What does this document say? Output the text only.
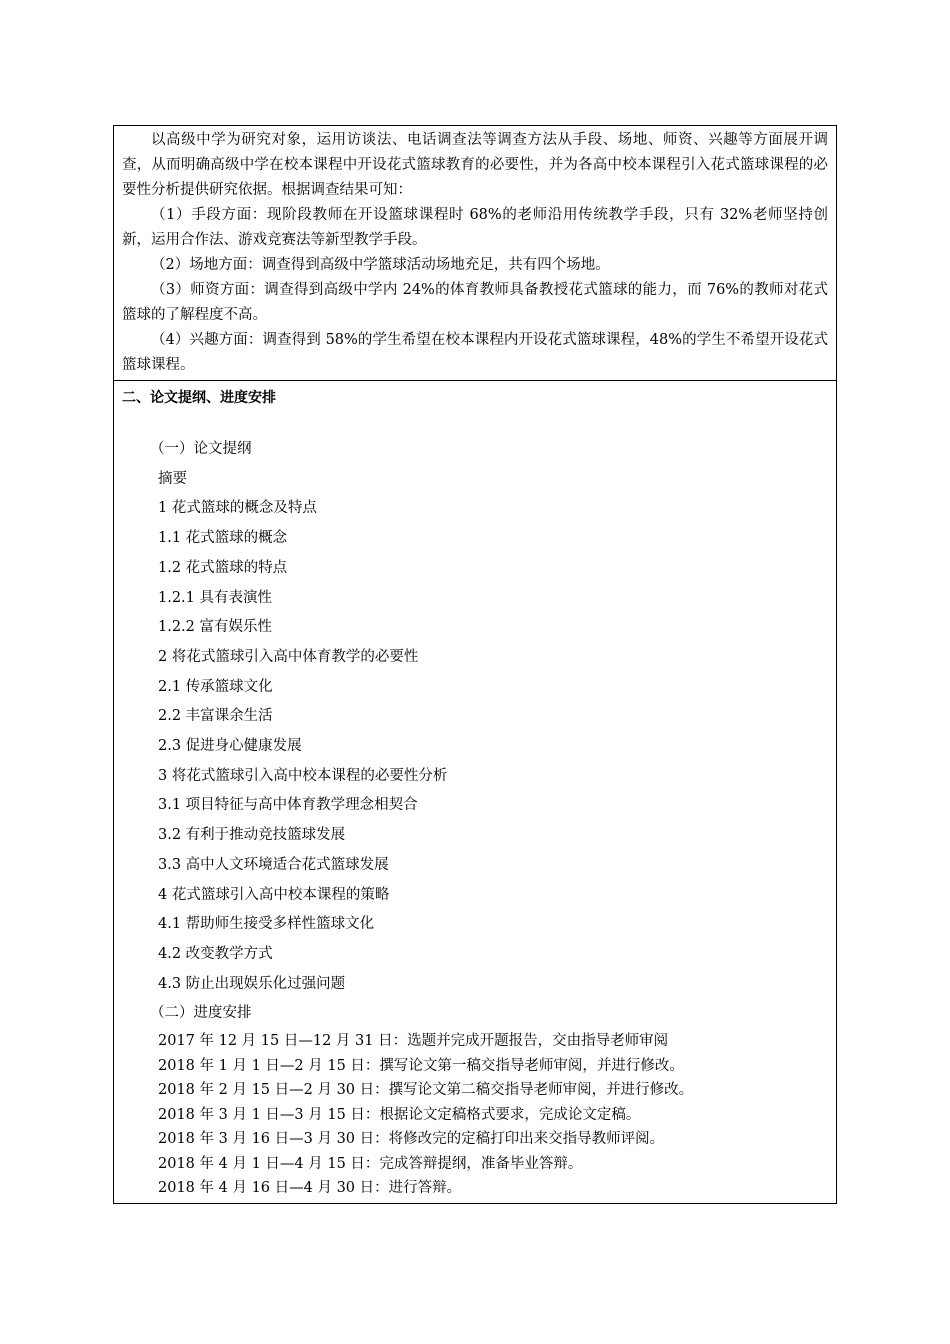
以高级中学为研究对象，运用访谈法、电话调查法等调查方法从手段、场地、师资、兴趣等方面展开调查，从而明确高级中学在校本课程中开设花式篮球教育的必要性，并为各高中校本课程引入花式篮球课程的必要性分析提供研究依据。根据调查结果可知：

（1）手段方面：现阶段教师在开设篮球课程时 68%的老师沿用传统教学手段，只有 32%老师坚持创新，运用合作法、游戏竞赛法等新型教学手段。

（2）场地方面：调查得到高级中学篮球活动场地充足，共有四个场地。

（3）师资方面：调查得到高级中学内 24%的体育教师具备教授花式篮球的能力，而 76%的教师对花式篮球的了解程度不高。

（4）兴趣方面：调查得到 58%的学生希望在校本课程内开设花式篮球课程，48%的学生不希望开设花式篮球课程。

二、论文提纲、进度安排
（一）论文提纲
摘要
1 花式篮球的概念及特点
1.1 花式篮球的概念
1.2 花式篮球的特点
1.2.1 具有表演性
1.2.2 富有娱乐性
2 将花式篮球引入高中体育教学的必要性
2.1 传承篮球文化
2.2 丰富课余生活
2.3 促进身心健康发展
3 将花式篮球引入高中校本课程的必要性分析
3.1 项目特征与高中体育教学理念相契合
3.2 有利于推动竞技篮球发展
3.3 高中人文环境适合花式篮球发展
4 花式篮球引入高中校本课程的策略
4.1 帮助师生接受多样性篮球文化
4.2 改变教学方式
4.3 防止出现娱乐化过强问题
（二）进度安排
2017 年 12 月 15 日—12 月 31 日：选题并完成开题报告，交由指导老师审阅
2018 年 1 月 1 日—2 月 15 日：撰写论文第一稿交指导老师审阅，并进行修改。
2018 年 2 月 15 日—2 月 30 日：撰写论文第二稿交指导老师审阅，并进行修改。
2018 年 3 月 1 日—3 月 15 日：根据论文定稿格式要求，完成论文定稿。
2018 年 3 月 16 日—3 月 30 日：将修改完的定稿打印出来交指导教师评阅。
2018 年 4 月 1 日—4 月 15 日：完成答辩提纲，准备毕业答辩。
2018 年 4 月 16 日—4 月 30 日：进行答辩。
